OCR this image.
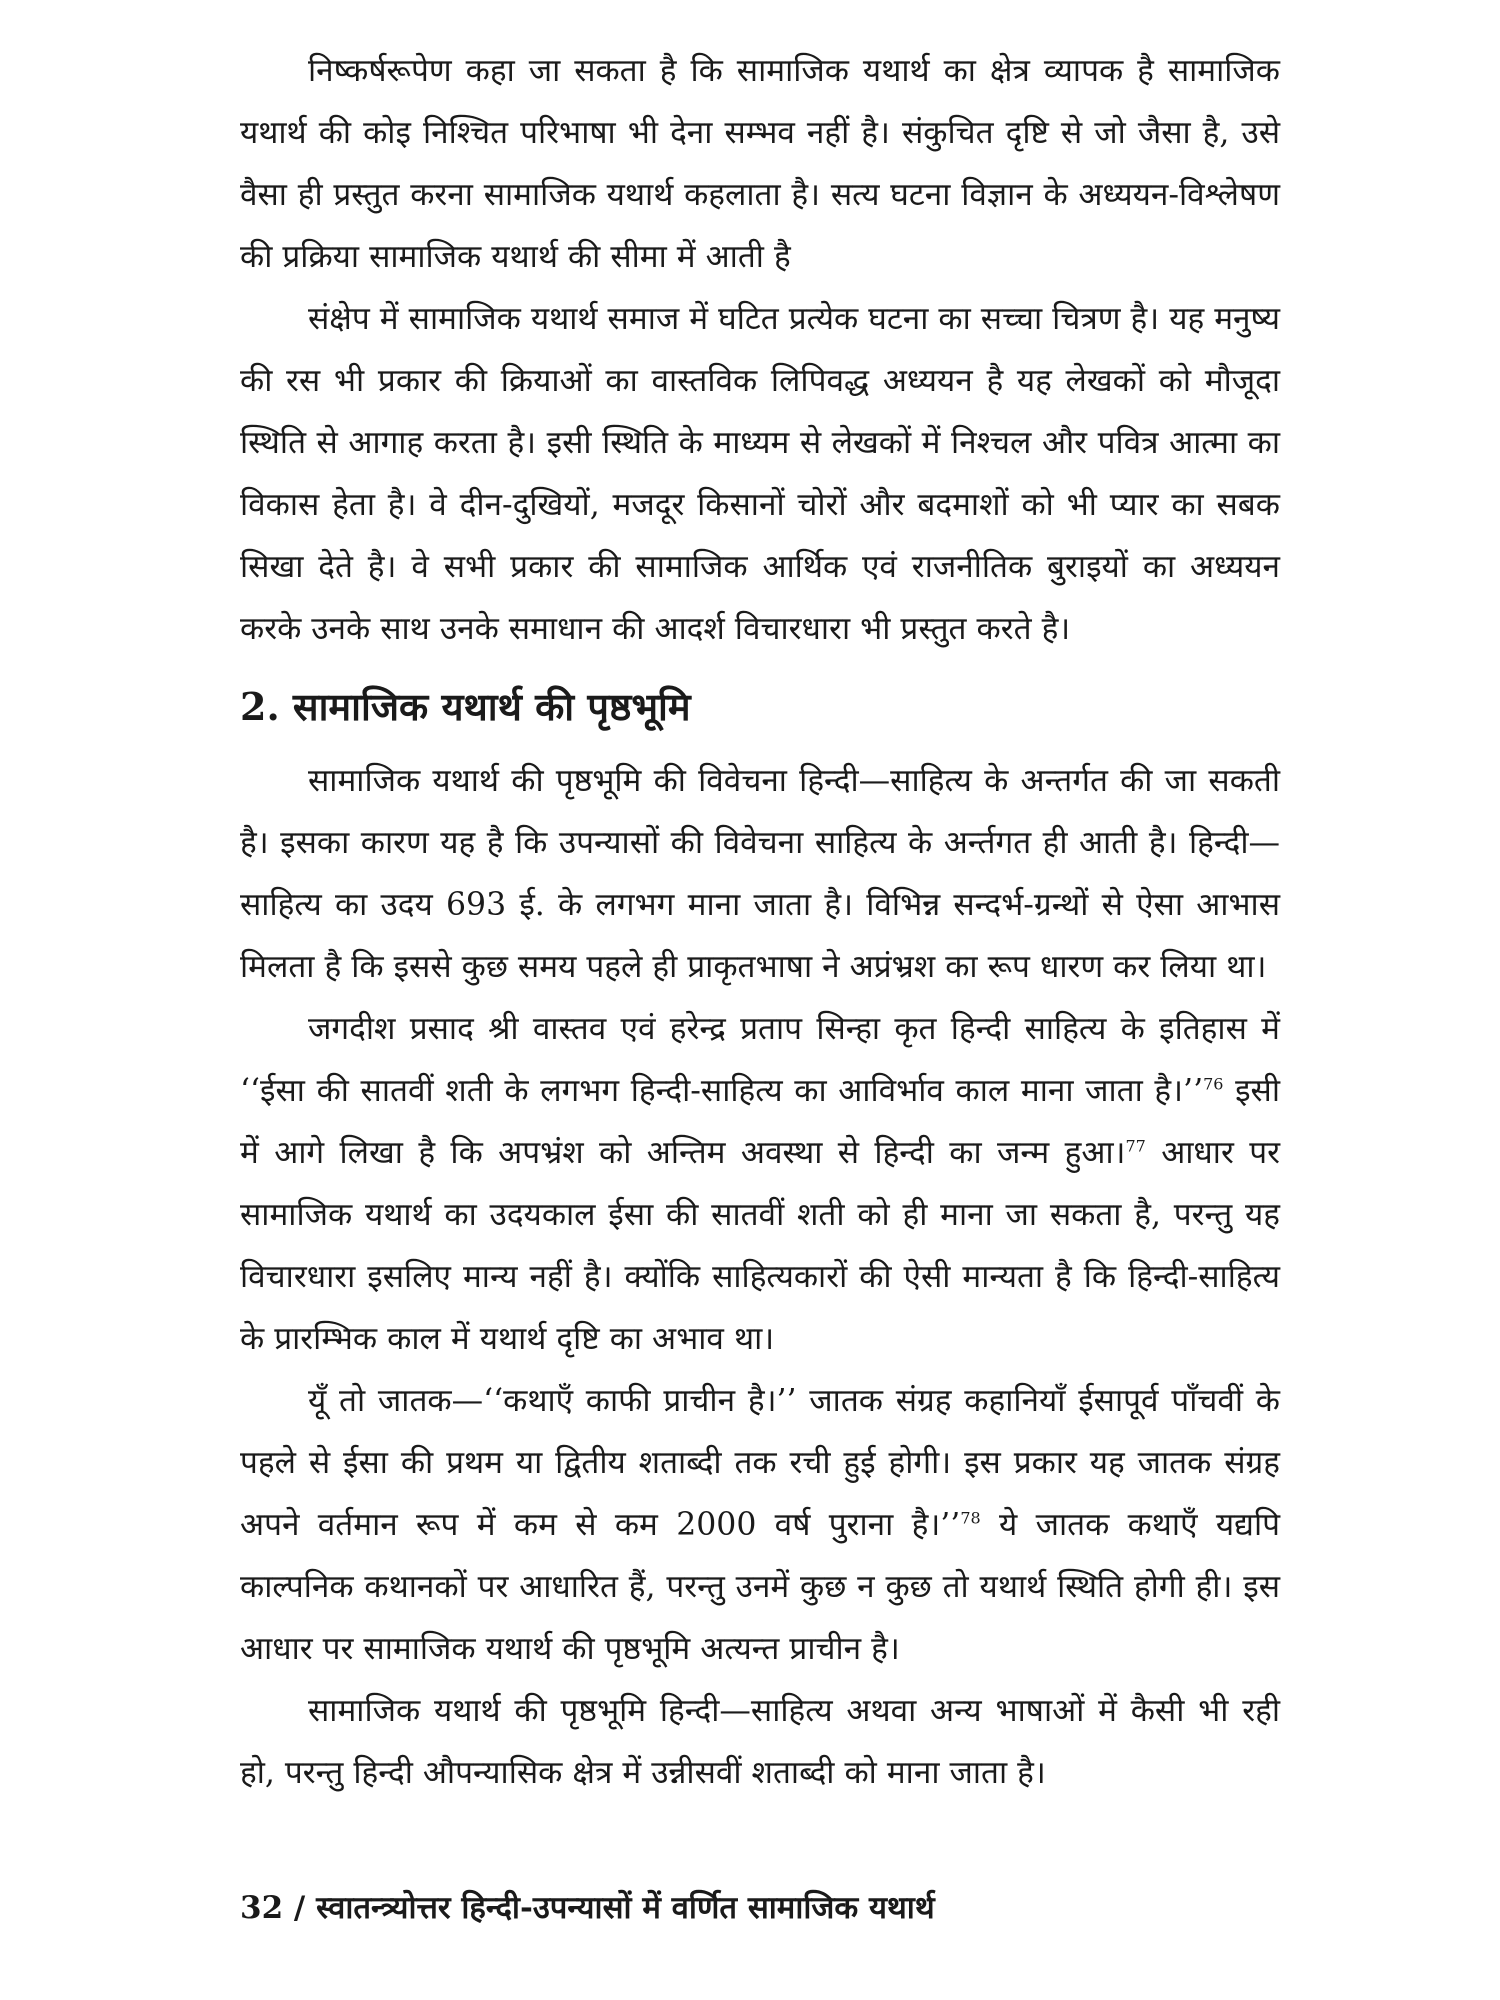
निष्कर्षरूपेण कहा जा सकता है कि सामाजिक यथार्थ का क्षेत्र व्यापक है सामाजिक यथार्थ की कोइ निश्चित परिभाषा भी देना सम्भव नहीं है। संकुचित दृष्टि से जो जैसा है, उसे वैसा ही प्रस्तुत करना सामाजिक यथार्थ कहलाता है। सत्य घटना विज्ञान के अध्ययन-विश्लेषण की प्रक्रिया सामाजिक यथार्थ की सीमा में आती है

संक्षेप में सामाजिक यथार्थ समाज में घटित प्रत्येक घटना का सच्चा चित्रण है। यह मनुष्य की रस भी प्रकार की क्रियाओं का वास्तविक लिपिवद्ध अध्ययन है यह लेखकों को मौजूदा स्थिति से आगाह करता है। इसी स्थिति के माध्यम से लेखकों में निश्चल और पवित्र आत्मा का विकास हेता है। वे दीन-दुखियों, मजदूर किसानों चोरों और बदमाशों को भी प्यार का सबक सिखा देते है। वे सभी प्रकार की सामाजिक आर्थिक एवं राजनीतिक बुराइयों का अध्ययन करके उनके साथ उनके समाधान की आदर्श विचारधारा भी प्रस्तुत करते है।

2. सामाजिक यथार्थ की पृष्ठभूमि

सामाजिक यथार्थ की पृष्ठभूमि की विवेचना हिन्दी—साहित्य के अन्तर्गत की जा सकती है। इसका कारण यह है कि उपन्यासों की विवेचना साहित्य के अर्न्तगत ही आती है। हिन्दी—साहित्य का उदय 693 ई. के लगभग माना जाता है। विभिन्न सन्दर्भ-ग्रन्थों से ऐसा आभास मिलता है कि इससे कुछ समय पहले ही प्राकृतभाषा ने अप्रंभ्रश का रूप धारण कर लिया था।

जगदीश प्रसाद श्री वास्तव एवं हरेन्द्र प्रताप सिन्हा कृत हिन्दी साहित्य के इतिहास में ‘‘ईसा की सातवीं शती के लगभग हिन्दी-साहित्य का आविर्भाव काल माना जाता है।’’$^{76}$ इसी में आगे लिखा है कि अपभ्रंश को अन्तिम अवस्था से हिन्दी का जन्म हुआ।$^{77}$ आधार पर सामाजिक यथार्थ का उदयकाल ईसा की सातवीं शती को ही माना जा सकता है, परन्तु यह विचारधारा इसलिए मान्य नहीं है। क्योंकि साहित्यकारों की ऐसी मान्यता है कि हिन्दी-साहित्य के प्रारम्भिक काल में यथार्थ दृष्टि का अभाव था।

यूँ तो जातक—‘‘कथाएँ काफी प्राचीन है।’’ जातक संग्रह कहानियाँ ईसापूर्व पाँचवीं के पहले से ईसा की प्रथम या द्वितीय शताब्दी तक रची हुई होगी। इस प्रकार यह जातक संग्रह अपने वर्तमान रूप में कम से कम 2000 वर्ष पुराना है।’’$^{78}$ ये जातक कथाएँ यद्यपि काल्पनिक कथानकों पर आधारित हैं, परन्तु उनमें कुछ न कुछ तो यथार्थ स्थिति होगी ही। इस आधार पर सामाजिक यथार्थ की पृष्ठभूमि अत्यन्त प्राचीन है।

सामाजिक यथार्थ की पृष्ठभूमि हिन्दी—साहित्य अथवा अन्य भाषाओं में कैसी भी रही हो, परन्तु हिन्दी औपन्यासिक क्षेत्र में उन्नीसवीं शताब्दी को माना जाता है।

32 / स्वातन्त्र्योत्तर हिन्दी-उपन्यासों में वर्णित सामाजिक यथार्थ
